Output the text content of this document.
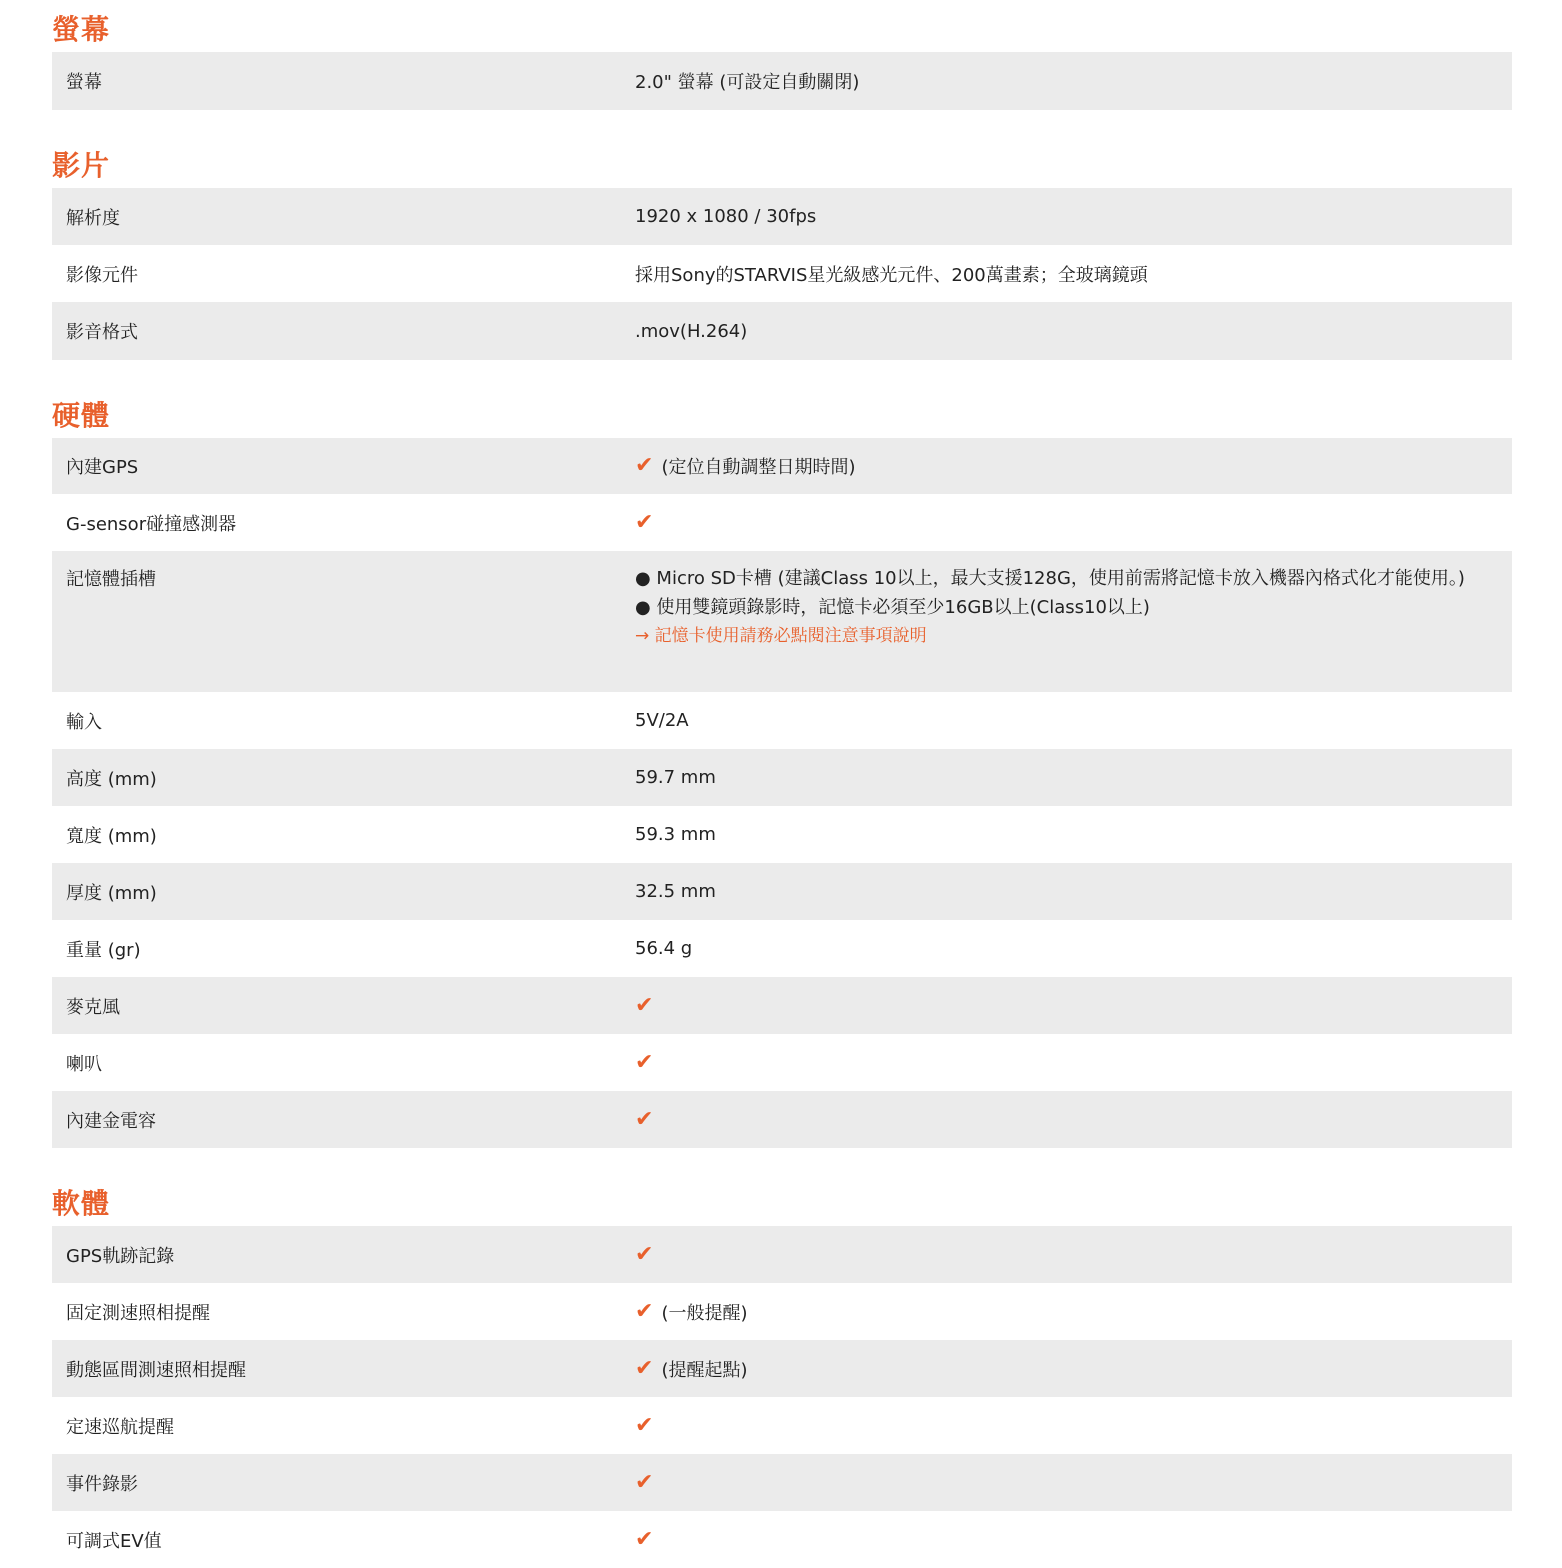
螢幕
螢幕	2.0" 螢幕 (可設定自動關閉)
影片
解析度	1920 x 1080 / 30fps
影像元件	採用Sony的STARVIS星光級感光元件、200萬畫素；全玻璃鏡頭
影音格式	.mov(H.264)
硬體
內建GPS	✔ (定位自動調整日期時間)
G-sensor碰撞感測器	✔
記憶體插槽	● Micro SD卡槽 (建議Class 10以上，最大支援128G，使用前需將記憶卡放入機器內格式化才能使用。)
● 使用雙鏡頭錄影時，記憶卡必須至少16GB以上(Class10以上)
→ 記憶卡使用請務必點閱注意事項說明
輸入	5V/2A
高度 (mm)	59.7 mm
寬度 (mm)	59.3 mm
厚度 (mm)	32.5 mm
重量 (gr)	56.4 g
麥克風	✔
喇叭	✔
內建金電容	✔
軟體
GPS軌跡記錄	✔
固定測速照相提醒	✔ (一般提醒)
動態區間測速照相提醒	✔ (提醒起點)
定速巡航提醒	✔
事件錄影	✔
可調式EV值	✔
